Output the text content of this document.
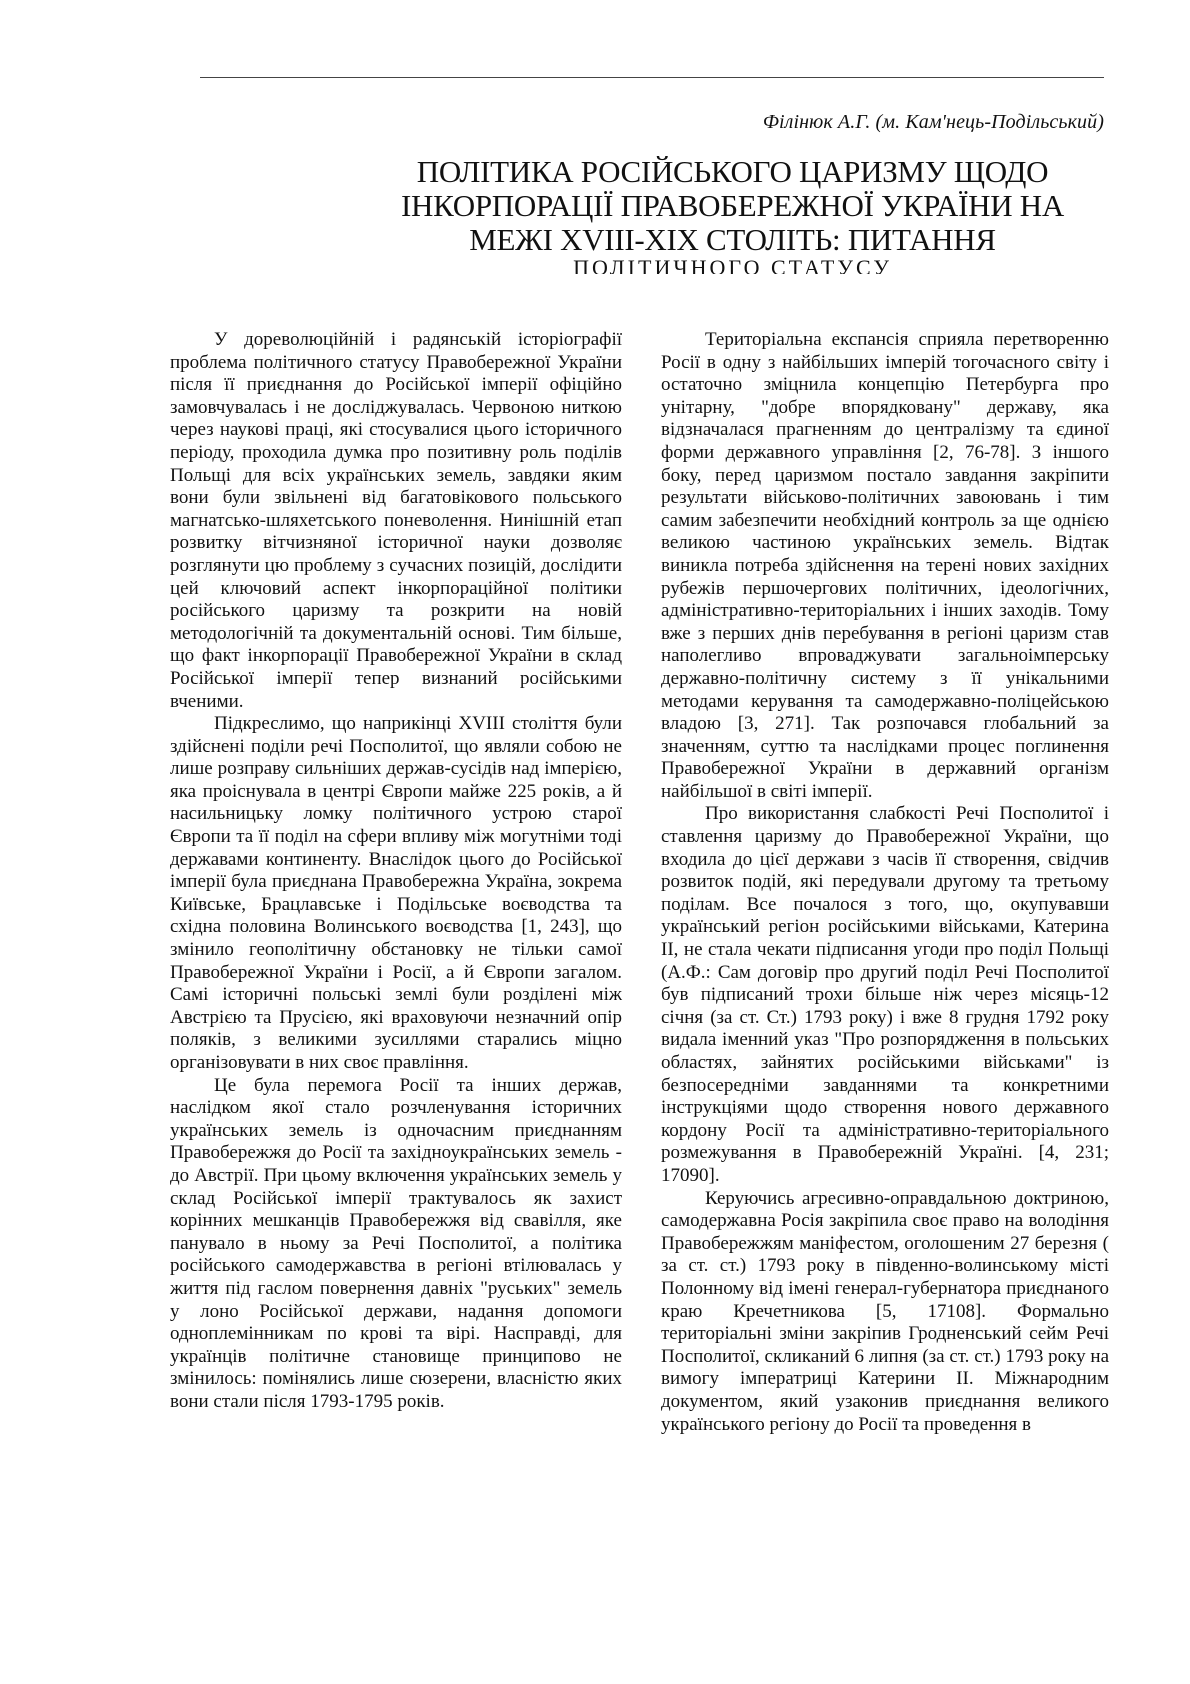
Філінюк А.Г. (м. Кам'нець-Подільський)
ПОЛІТИКА РОСІЙСЬКОГО ЦАРИЗМУ ЩОДО
ІНКОРПОРАЦІЇ ПРАВОБЕРЕЖНОЇ УКРАЇНИ НА
МЕЖІ XVIII-XIX СТОЛІТЬ: ПИТАННЯ
ПОЛІТИЧНОГО СТАТУСУ

У дореволюційній і радянській історіографії проблема політичного статусу Правобережної України після її приєднання до Російської імперії офіційно замовчувалась і не досліджувалась. Червоною ниткою через наукові праці, які стосувалися цього історичного періоду, проходила думка про позитивну роль поділів Польщі для всіх українських земель, завдяки яким вони були звільнені від багатовікового польського магнатсько-шляхетського поневолення. Нинішній етап розвитку вітчизняної історичної науки дозволяє розглянути цю проблему з сучасних позицій, дослідити цей ключовий аспект інкорпораційної політики російського царизму та розкрити на новій методологічній та документальній основі. Тим більше, що факт інкорпорації Правобережної України в склад Російської імперії тепер визнаний російськими вченими.

Підкреслимо, що наприкінці XVIII століття були здійснені поділи речі Посполитої, що являли собою не лише розправу сильніших держав-сусідів над імперією, яка проіснувала в центрі Європи майже 225 років, а й насильницьку ломку політичного устрою старої Європи та її поділ на сфери впливу між могутніми тоді державами континенту. Внаслідок цього до Російської імперії була приєднана Правобережна Україна, зокрема Київське, Брацлавське і Подільське воєводства та східна половина Волинського воєводства [1, 243], що змінило геополітичну обстановку не тільки самої Правобережної України і Росії, а й Європи загалом. Самі історичні польські землі були розділені між Австрією та Прусією, які враховуючи незначний опір поляків, з великими зусиллями старались міцно організовувати в них своє правління.

Це була перемога Росії та інших держав, наслідком якої стало розчленування історичних українських земель із одночасним приєднанням Правобережжя до Росії та західноукраїнських земель - до Австрії. При цьому включення українських земель у склад Російської імперії трактувалось як захист корінних мешканців Правобережжя від свавілля, яке панувало в ньому за Речі Посполитої, а політика російського самодержавства в регіоні втілювалась у життя під гаслом повернення давніх "руських" земель у лоно Російської держави, надання допомоги одноплемінникам по крові та вірі. Насправді, для українців політичне становище принципово не змінилось: помінялись лише сюзерени, власністю яких вони стали після 1793-1795 років.

Територіальна експансія сприяла перетворенню Росії в одну з найбільших імперій тогочасного світу і остаточно зміцнила концепцію Петербурга про унітарну, "добре впорядковану" державу, яка відзначалася прагненням до централізму та єдиної форми державного управління [2, 76-78]. З іншого боку, перед царизмом постало завдання закріпити результати військово-політичних завоювань і тим самим забезпечити необхідний контроль за ще однією великою частиною українських земель. Відтак виникла потреба здійснення на терені нових західних рубежів першочергових політичних, ідеологічних, адміністративно-територіальних і інших заходів. Тому вже з перших днів перебування в регіоні царизм став наполегливо впроваджувати загальноімперську державно-політичну систему з її унікальними методами керування та самодержавно-поліцейською владою [3, 271]. Так розпочався глобальний за значенням, суттю та наслідками процес поглинення Правобережної України в державний організм найбільшої в світі імперії.

Про використання слабкості Речі Посполитої і ставлення царизму до Правобережної України, що входила до цієї держави з часів її створення, свідчив розвиток подій, які передували другому та третьому поділам. Все почалося з того, що, окупувавши український регіон російськими військами, Катерина II, не стала чекати підписання угоди про поділ Польщі (А.Ф.: Сам договір про другий поділ Речі Посполитої був підписаний трохи більше ніж через місяць-12 січня (за ст. Ст.) 1793 року) і вже 8 грудня 1792 року видала іменний указ "Про розпорядження в польських областях, зайнятих російськими військами" із безпосередніми завданнями та конкретними інструкціями щодо створення нового державного кордону Росії та адміністративно-територіального розмежування в Правобережній Україні. [4, 231; 17090].

Керуючись агресивно-оправдальною доктриною, самодержавна Росія закріпила своє право на володіння Правобережжям маніфестом, оголошеним 27 березня ( за ст. ст.) 1793 року в південно-волинському місті Полонному від імені генерал-губернатора приєднаного краю Кречетникова [5, 17108]. Формально територіальні зміни закріпив Гродненський сейм Речі Посполитої, скликаний 6 липня (за ст. ст.) 1793 року на вимогу імператриці Катерини II. Міжнародним документом, який узаконив приєднання великого українського регіону до Росії та проведення в
